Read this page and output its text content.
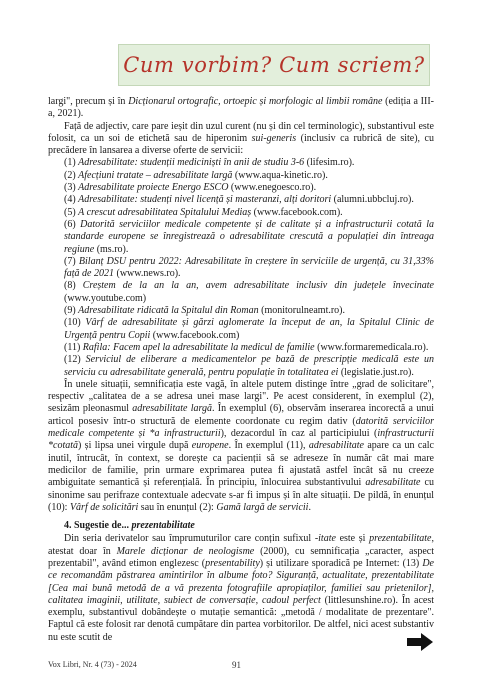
Cum vorbim? Cum scriem?

largi", precum și în Dicționarul ortografic, ortoepic și morfologic al limbii române (ediția a III-a, 2021).

Față de adjectiv, care pare ieșit din uzul curent (nu și din cel terminologic), substantivul este folosit, ca un soi de etichetă sau de hiperonim sui-generis (inclusiv ca rubrică de site), cu precădere în lansarea a diverse oferte de servicii:

(1) Adresabilitate: studenții mediciniști în anii de studiu 3-6 (lifesim.ro).

(2) Afecțiuni tratate – adresabilitate largă (www.aqua-kinetic.ro).

(3) Adresabilitate proiecte Energo ESCO (www.enegoesco.ro).

(4) Adresabilitate: studenți nivel licență și masteranzi, alți doritori (alumni.ubbcluj.ro).

(5) A crescut adresabilitatea Spitalului Mediaș (www.facebook.com).

(6) Datorită serviciilor medicale competente și de calitate și a infrastructurii cotată la standarde europene se înregistrează o adresabilitate crescută a populației din întreaga regiune (ms.ro).

(7) Bilanț DSU pentru 2022: Adresabilitate în creștere în serviciile de urgență, cu 31,33% față de 2021 (www.news.ro).

(8) Creștem de la an la an, avem adresabilitate inclusiv din județele învecinate (www.youtube.com)

(9) Adresabilitate ridicată la Spitalul din Roman (monitorulneamt.ro).

(10) Vârf de adresabilitate și gărzi aglomerate la început de an, la Spitalul Clinic de Urgență pentru Copii (www.facebook.com)

(11) Rafila: Facem apel la adresabilitate la medicul de familie (www.formaremedicala.ro).

(12) Serviciul de eliberare a medicamentelor pe bază de prescripție medicală este un serviciu cu adresabilitate generală, pentru populație în totalitatea ei (legislatie.just.ro).

În unele situații, semnificația este vagă, în altele putem distinge între „grad de solicitare", respectiv „calitatea de a se adresa unei mase largi". Pe acest considerent, în exemplul (2), sesizăm pleonasmul adresabilitate largă. În exemplul (6), observăm inserarea incorectă a unui articol posesiv într-o structură de elemente coordonate cu regim dativ (datorită serviciilor medicale competente și *a infrastructurii), dezacordul în caz al participiului (infrastructurii *cotată) și lipsa unei virgule după europene. În exemplul (11), adresabilitate apare ca un calc inutil, întrucât, în context, se dorește ca pacienții să se adreseze în număr cât mai mare medicilor de familie, prin urmare exprimarea putea fi ajustată astfel încât să nu creeze ambiguitate semantică și referențială. În principiu, înlocuirea substantivului adresabilitate cu sinonime sau perifraze contextuale adecvate s-ar fi impus și în alte situații. De pildă, în enunțul (10): Vârf de solicitări sau în enunțul (2): Gamă largă de servicii.

4. Sugestie de... prezentabilitate

Din seria derivatelor sau împrumuturilor care conțin sufixul -itate este și prezentabilitate, atestat doar în Marele dicționar de neologisme (2000), cu semnificația „caracter, aspect prezentabil", având etimon englezesc (presentability) și utilizare sporadică pe Internet: (13) De ce recomandăm păstrarea amintirilor în albume foto? Siguranță, actualitate, prezentabilitate [Cea mai bună metodă de a vă prezenta fotografiile apropiaților, familiei sau prietenilor], calitatea imaginii, utilitate, subiect de conversație, cadoul perfect (littlesunshine.ro). În acest exemplu, substantivul dobândește o mutație semantică: „metodă / modalitate de prezentare". Faptul că este folosit rar denotă cumpătare din partea vorbitorilor. De altfel, nici acest substantiv nu este scutit de

Vox Libri, Nr. 4 (73) - 2024	91
